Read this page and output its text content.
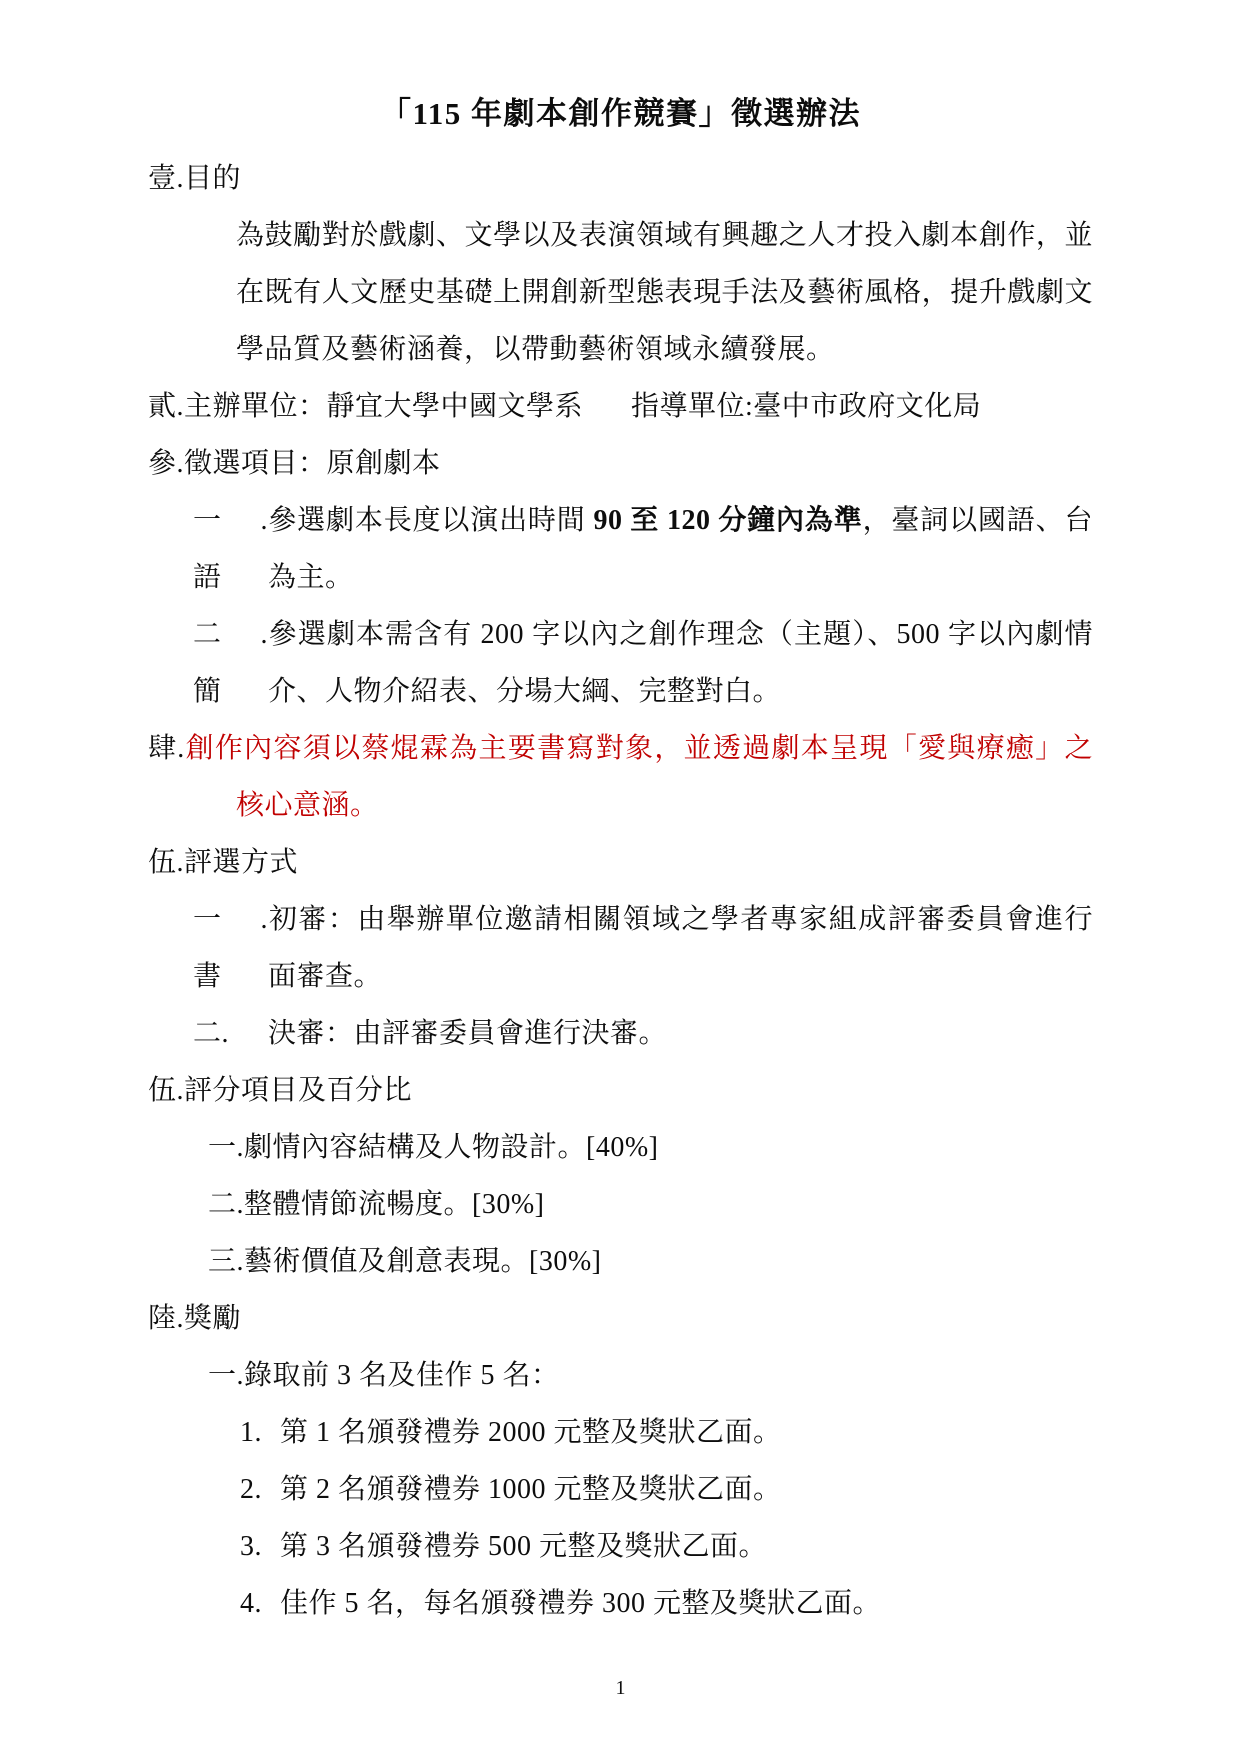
「115 年劇本創作競賽」徵選辦法
壹.目的
為鼓勵對於戲劇、文學以及表演領域有興趣之人才投入劇本創作，並
在既有人文歷史基礎上開創新型態表現手法及藝術風格，提升戲劇文
學品質及藝術涵養，以帶動藝術領域永續發展。
貳.主辦單位：靜宜大學中國文學系 指導單位:臺中市政府文化局
參.徵選項目：原創劇本
一.參選劇本長度以演出時間 90 至 120 分鐘內為準，臺詞以國語、台語	為主。
二.參選劇本需含有 200 字以內之創作理念（主題）、500 字以內劇情簡	介、人物介紹表、分場大綱、完整對白。
肆.創作內容須以蔡焜霖為主要書寫對象，並透過劇本呈現「愛與療癒」之
核心意涵。
伍.評選方式
一.初審：由舉辦單位邀請相關領域之學者專家組成評審委員會進行書	面審查。
二. 決審：由評審委員會進行決審。
伍.評分項目及百分比
一.劇情內容結構及人物設計。[40%]
二.整體情節流暢度。[30%]
三.藝術價值及創意表現。[30%]
陸.獎勵
一.錄取前 3 名及佳作 5 名：
1. 第 1 名頒發禮券 2000 元整及獎狀乙面。
2. 第 2 名頒發禮券 1000 元整及獎狀乙面。
3. 第 3 名頒發禮券 500 元整及獎狀乙面。
4. 佳作 5 名，每名頒發禮券 300 元整及獎狀乙面。
1
